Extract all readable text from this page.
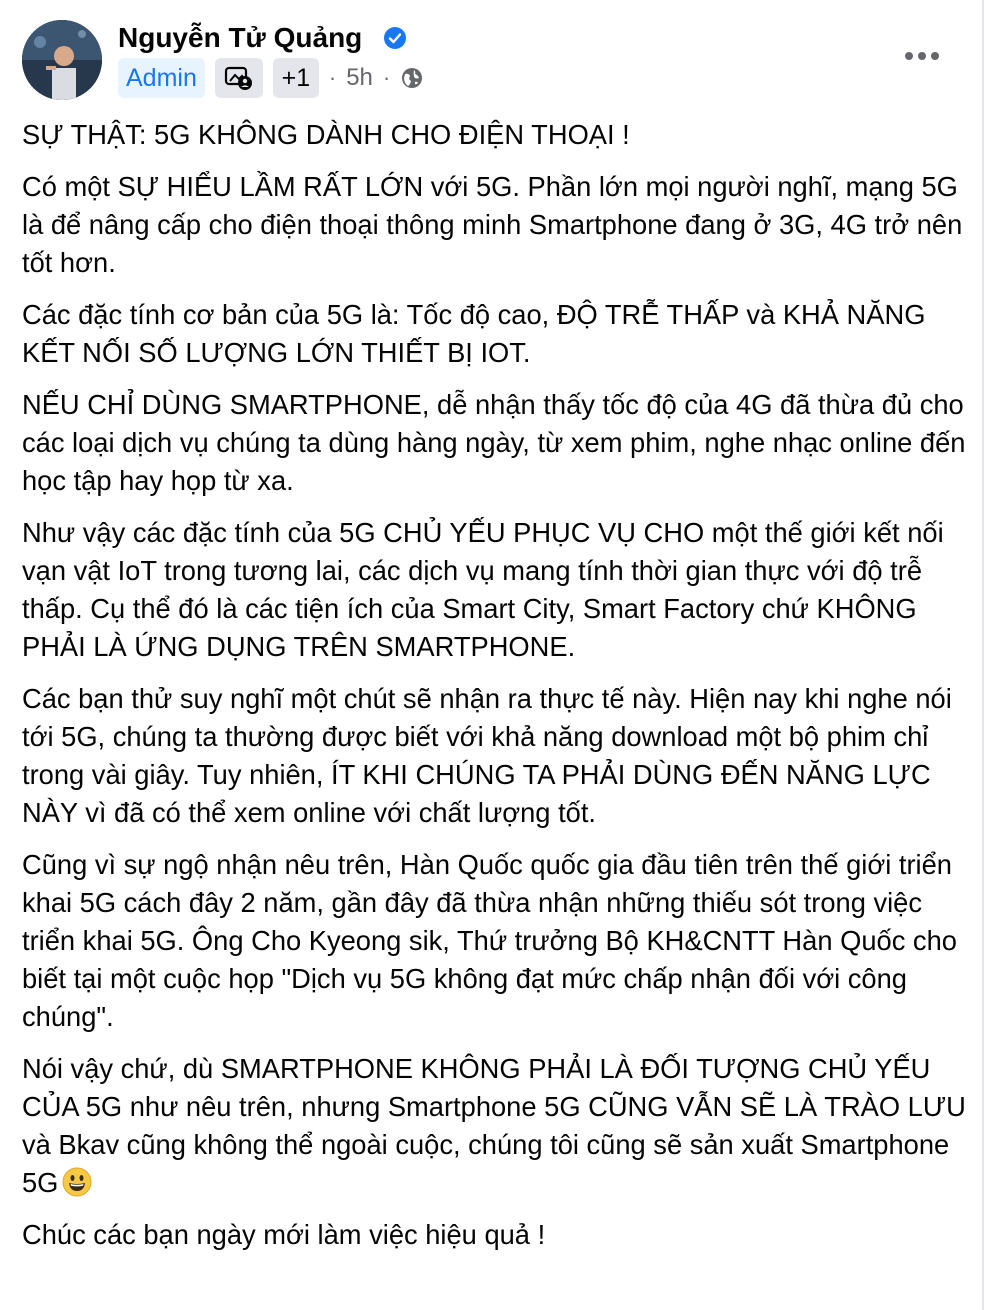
Nguyễn Tử Quảng
Admin	+1 · 5h ·

SỰ THẬT: 5G KHÔNG DÀNH CHO ĐIỆN THOẠI !

Có một SỰ HIỂU LẦM RẤT LỚN với 5G. Phần lớn mọi người nghĩ, mạng 5G là để nâng cấp cho điện thoại thông minh Smartphone đang ở 3G, 4G trở nên tốt hơn.

Các đặc tính cơ bản của 5G là: Tốc độ cao, ĐỘ TRỄ THẤP và KHẢ NĂNG KẾT NỐI SỐ LƯỢNG LỚN THIẾT BỊ IOT.

NẾU CHỈ DÙNG SMARTPHONE, dễ nhận thấy tốc độ của 4G đã thừa đủ cho các loại dịch vụ chúng ta dùng hàng ngày, từ xem phim, nghe nhạc online đến học tập hay họp từ xa.

Như vậy các đặc tính của 5G CHỦ YẾU PHỤC VỤ CHO một thế giới kết nối vạn vật IoT trong tương lai, các dịch vụ mang tính thời gian thực với độ trễ thấp. Cụ thể đó là các tiện ích của Smart City, Smart Factory chứ KHÔNG PHẢI LÀ ỨNG DỤNG TRÊN SMARTPHONE.

Các bạn thử suy nghĩ một chút sẽ nhận ra thực tế này. Hiện nay khi nghe nói tới 5G, chúng ta thường được biết với khả năng download một bộ phim chỉ trong vài giây. Tuy nhiên, ÍT KHI CHÚNG TA PHẢI DÙNG ĐẾN NĂNG LỰC NÀY vì đã có thể xem online với chất lượng tốt.

Cũng vì sự ngộ nhận nêu trên, Hàn Quốc quốc gia đầu tiên trên thế giới triển khai 5G cách đây 2 năm, gần đây đã thừa nhận những thiếu sót trong việc triển khai 5G. Ông Cho Kyeong sik, Thứ trưởng Bộ KH&CNTT Hàn Quốc cho biết tại một cuộc họp "Dịch vụ 5G không đạt mức chấp nhận đối với công chúng".

Nói vậy chứ, dù SMARTPHONE KHÔNG PHẢI LÀ ĐỐI TƯỢNG CHỦ YẾU CỦA 5G như nêu trên, nhưng Smartphone 5G CŨNG VẪN SẼ LÀ TRÀO LƯU và Bkav cũng không thể ngoài cuộc, chúng tôi cũng sẽ sản xuất Smartphone 5G

Chúc các bạn ngày mới làm việc hiệu quả !
